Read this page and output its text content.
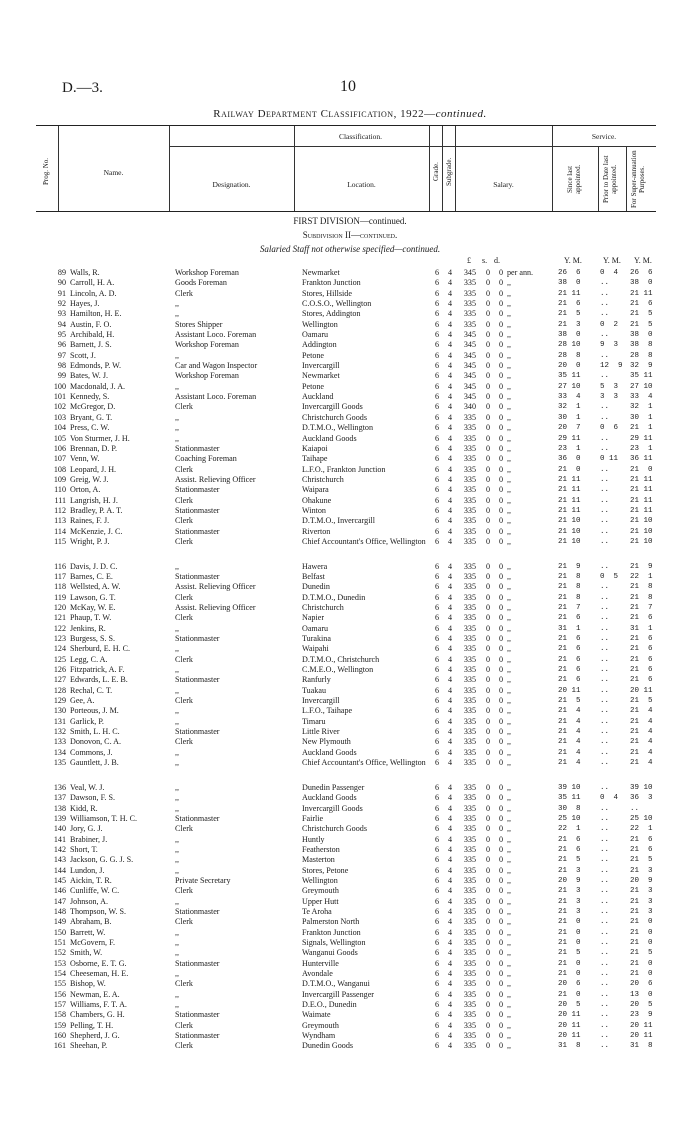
D.—3.	10
Railway Department Classification, 1922—continued.
Prog. No.	Name.
Classification.
Designation.	Location.
Grade. Subgrade.	Salary.
Service.
Since last appointed.	Prior to Date last appointed.	For Super-annuation Purposes.
FIRST DIVISION—continued.
Subdivision II—continued.
Salaried Staff not otherwise specified—continued.
£ s. d.	Y. M.	Y. M. Y. M.
89 Walls, R.	Workshop Foreman	Newmarket	6	4	345	0	0 per ann.	26  6	0  4	26  6
90 Carroll, H. A.	Goods Foreman	Frankton Junction	6	4	335	0	0 ,,	38  0	..	38  0
91 Lincoln, A. D.	Clerk	Stores, Hillside	6	4	335	0	0 ,,	21 11	..	21 11
92 Hayes, J.	,,	C.O.S.O., Wellington	6	4	335	0	0 ,,	21  6	..	21  6
93 Hamilton, H. E.	,,	Stores, Addington	6	4	335	0	0 ,,	21  5	..	21  5
94 Austin, F. O.	Stores Shipper	Wellington	6	4	335	0	0 ,,	21  3	0  2	21  5
95 Archibald, H.	Assistant Loco. Foreman	Oamaru	6	4	345	0	0 ,,	38  0	..	38  0
96 Barnett, J. S.	Workshop Foreman	Addington	6	4	345	0	0 ,,	28 10	9  3	38  8
97 Scott, J.	,,	Petone	6	4	345	0	0 ,,	28  8	..	28  8
98 Edmonds, P. W.	Car and Wagon Inspector	Invercargill	6	4	345	0	0 ,,	20  0	12  9 32  9
99 Bates, W. J.	Workshop Foreman	Newmarket	6	4	345	0	0 ,,	35 11	..	35 11
100 Macdonald, J. A.	,,	Petone	6	4	345	0	0 ,,	27 10	5  3	27 10
101 Kennedy, S.	Assistant Loco. Foreman	Auckland	6	4	345	0	0 ,,	33  4	3  3	33  4
102 McGregor, D.	Clerk	Invercargill Goods	6	4	340	0	0 ,,	32  1	..	32  1
103 Bryant, G. T.	,,	Christchurch Goods	6	4	335	0	0 ,,	30  1	..	30  1
104 Press, C. W.	,,	D.T.M.O., Wellington	6	4	335	0	0 ,,	20  7	0  6	21  1
105 Von Sturmer, J. H.	,,	Auckland Goods	6	4	335	0	0 ,,	29 11	..	29 11
106 Brennan, D. P.	Stationmaster	Kaiapoi	6	4	335	0	0 ,,	23  1	..	23  1
107 Venn, W.	Coaching Foreman	Taihape	6	4	335	0	0 ,,	36  0	0 11	36 11
108 Leopard, J. H.	Clerk	L.F.O., Frankton Junction	6	4	335	0	0 ,,	21  0	..	21  0
109 Greig, W. J.	Assist. Relieving Officer	Christchurch	6	4	335	0	0 ,,	21 11	..	21 11
110 Orton, A.	Stationmaster	Waipara	6	4	335	0	0 ,,	21 11	..	21 11
111 Langrish, H. J.	Clerk	Ohakune	6	4	335	0	0 ,,	21 11	..	21 11
112 Bradley, P. A. T.	Stationmaster	Winton	6	4	335	0	0 ,,	21 11	..	21 11
113 Raines, F. J.	Clerk	D.T.M.O., Invercargill	6	4	335	0	0 ,,	21 10	..	21 10
114 McKenzie, J. C.	Stationmaster	Riverton	6	4	335	0	0 ,,	21 10	..	21 10
115 Wright, P. J.	Clerk	Chief Accountant's Office, Wellington	6	4	335	0	0 ,,	21 10	..	21 10
116 Davis, J. D. C.	,,	Hawera	6	4	335	0	0 ,,	21  9	..	21  9
117 Barnes, C. E.	Stationmaster	Belfast	6	4	335	0	0 ,,	21  8	0  5	22  1
118 Wellsted, A. W.	Assist. Relieving Officer	Dunedin	6	4	335	0	0 ,,	21  8	..	21  8
119 Lawson, G. T.	Clerk	D.T.M.O., Dunedin	6	4	335	0	0 ,,	21  8	..	21  8
120 McKay, W. E.	Assist. Relieving Officer	Christchurch	6	4	335	0	0 ,,	21  7	..	21  7
121 Phaup, T. W.	Clerk	Napier	6	4	335	0	0 ,,	21  6	..	21  6
122 Jenkins, R.	,,	Oamaru	6	4	335	0	0 ,,	31  1	..	31  1
123 Burgess, S. S.	Stationmaster	Turakina	6	4	335	0	0 ,,	21  6	..	21  6
124 Sherburd, E. H. C.	,,	Waipahi	6	4	335	0	0 ,,	21  6	..	21  6
125 Legg, C. A.	Clerk	D.T.M.O., Christchurch	6	4	335	0	0 ,,	21  6	..	21  6
126 Fitzpatrick, A. F.	,,	C.M.E.O., Wellington	6	4	335	0	0 ,,	21  6	..	21  6
127 Edwards, L. E. B.	Stationmaster	Ranfurly	6	4	335	0	0 ,,	21  6	..	21  6
128 Rechal, C. T.	,,	Tuakau	6	4	335	0	0 ,,	20 11	..	20 11
129 Gee, A.	Clerk	Invercargill	6	4	335	0	0 ,,	21  5	..	21  5
130 Porteous, J. M.	,,	L.F.O., Taihape	6	4	335	0	0 ,,	21  4	..	21  4
131 Garlick, P.	,,	Timaru	6	4	335	0	0 ,,	21  4	..	21  4
132 Smith, L. H. C.	Stationmaster	Little River	6	4	335	0	0 ,,	21  4	..	21  4
133 Donovon, C. A.	Clerk	New Plymouth	6	4	335	0	0 ,,	21  4	..	21  4
134 Commons, J.	,,	Auckland Goods	6	4	335	0	0 ,,	21  4	..	21  4
135 Gauntlett, J. B.	,,	Chief Accountant's Office, Wellington	6	4	335	0	0 ,,	21  4	..	21  4
136 Veal, W. J.	,,	Dunedin Passenger	6	4	335	0	0 ,,	39 10	..	39 10
137 Dawson, F. S.	,,	Auckland Goods	6	4	335	0	0 ,,	35 11	0  4	36  3
138 Kidd, R.	,,	Invercargill Goods	6	4	335	0	0 ,,	30  8	..	..
139 Williamson, T. H. C.	Stationmaster	Fairlie	6	4	335	0	0 ,,	25 10	..	25 10
140 Jory, G. J.	Clerk	Christchurch Goods	6	4	335	0	0 ,,	22  1	..	22  1
141 Brabiner, J.	,,	Huntly	6	4	335	0	0 ,,	21  6	..	21  6
142 Short, T.	,,	Featherston	6	4	335	0	0 ,,	21  6	..	21  6
143 Jackson, G. G. J. S.	,,	Masterton	6	4	335	0	0 ,,	21  5	..	21  5
144 Lundon, J.	,,	Stores, Petone	6	4	335	0	0 ,,	21  3	..	21  3
145 Aickin, T. R.	Private Secretary	Wellington	6	4	335	0	0 ,,	20  9	..	20  9
146 Cunliffe, W. C.	Clerk	Greymouth	6	4	335	0	0 ,,	21  3	..	21  3
147 Johnson, A.	,,	Upper Hutt	6	4	335	0	0 ,,	21  3	..	21  3
148 Thompson, W. S.	Stationmaster	Te Aroha	6	4	335	0	0 ,,	21  3	..	21  3
149 Abraham, B.	Clerk	Palmerston North	6	4	335	0	0 ,,	21  0	..	21  0
150 Barrett, W.	,,	Frankton Junction	6	4	335	0	0 ,,	21  0	..	21  0
151 McGovern, F.	,,	Signals, Wellington	6	4	335	0	0 ,,	21  0	..	21  0
152 Smith, W.	,,	Wanganui Goods	6	4	335	0	0 ,,	21  5	..	21  5
153 Osborne, E. T. G.	Stationmaster	Hunterville	6	4	335	0	0 ,,	21  0	..	21  0
154 Cheeseman, H. E.	,,	Avondale	6	4	335	0	0 ,,	21  0	..	21  0
155 Bishop, W.	Clerk	D.T.M.O., Wanganui	6	4	335	0	0 ,,	20  6	..	20  6
156 Newman, E. A.	,,	Invercargill Passenger	6	4	335	0	0 ,,	21  0	..	13  0
157 Williams, F. T. A.	,,	D.E.O., Dunedin	6	4	335	0	0 ,,	20  5	..	20  5
158 Chambers, G. H.	Stationmaster	Waimate	6	4	335	0	0 ,,	20 11	..	23  9
159 Pelling, T. H.	Clerk	Greymouth	6	4	335	0	0 ,,	20 11	..	20 11
160 Shepherd, J. G.	Stationmaster	Wyndham	6	4	335	0	0 ,,	20 11	..	20 11
161 Sheehan, P.	Clerk	Dunedin Goods	6	4	335	0	0 ,,	31  8	..	31  8
